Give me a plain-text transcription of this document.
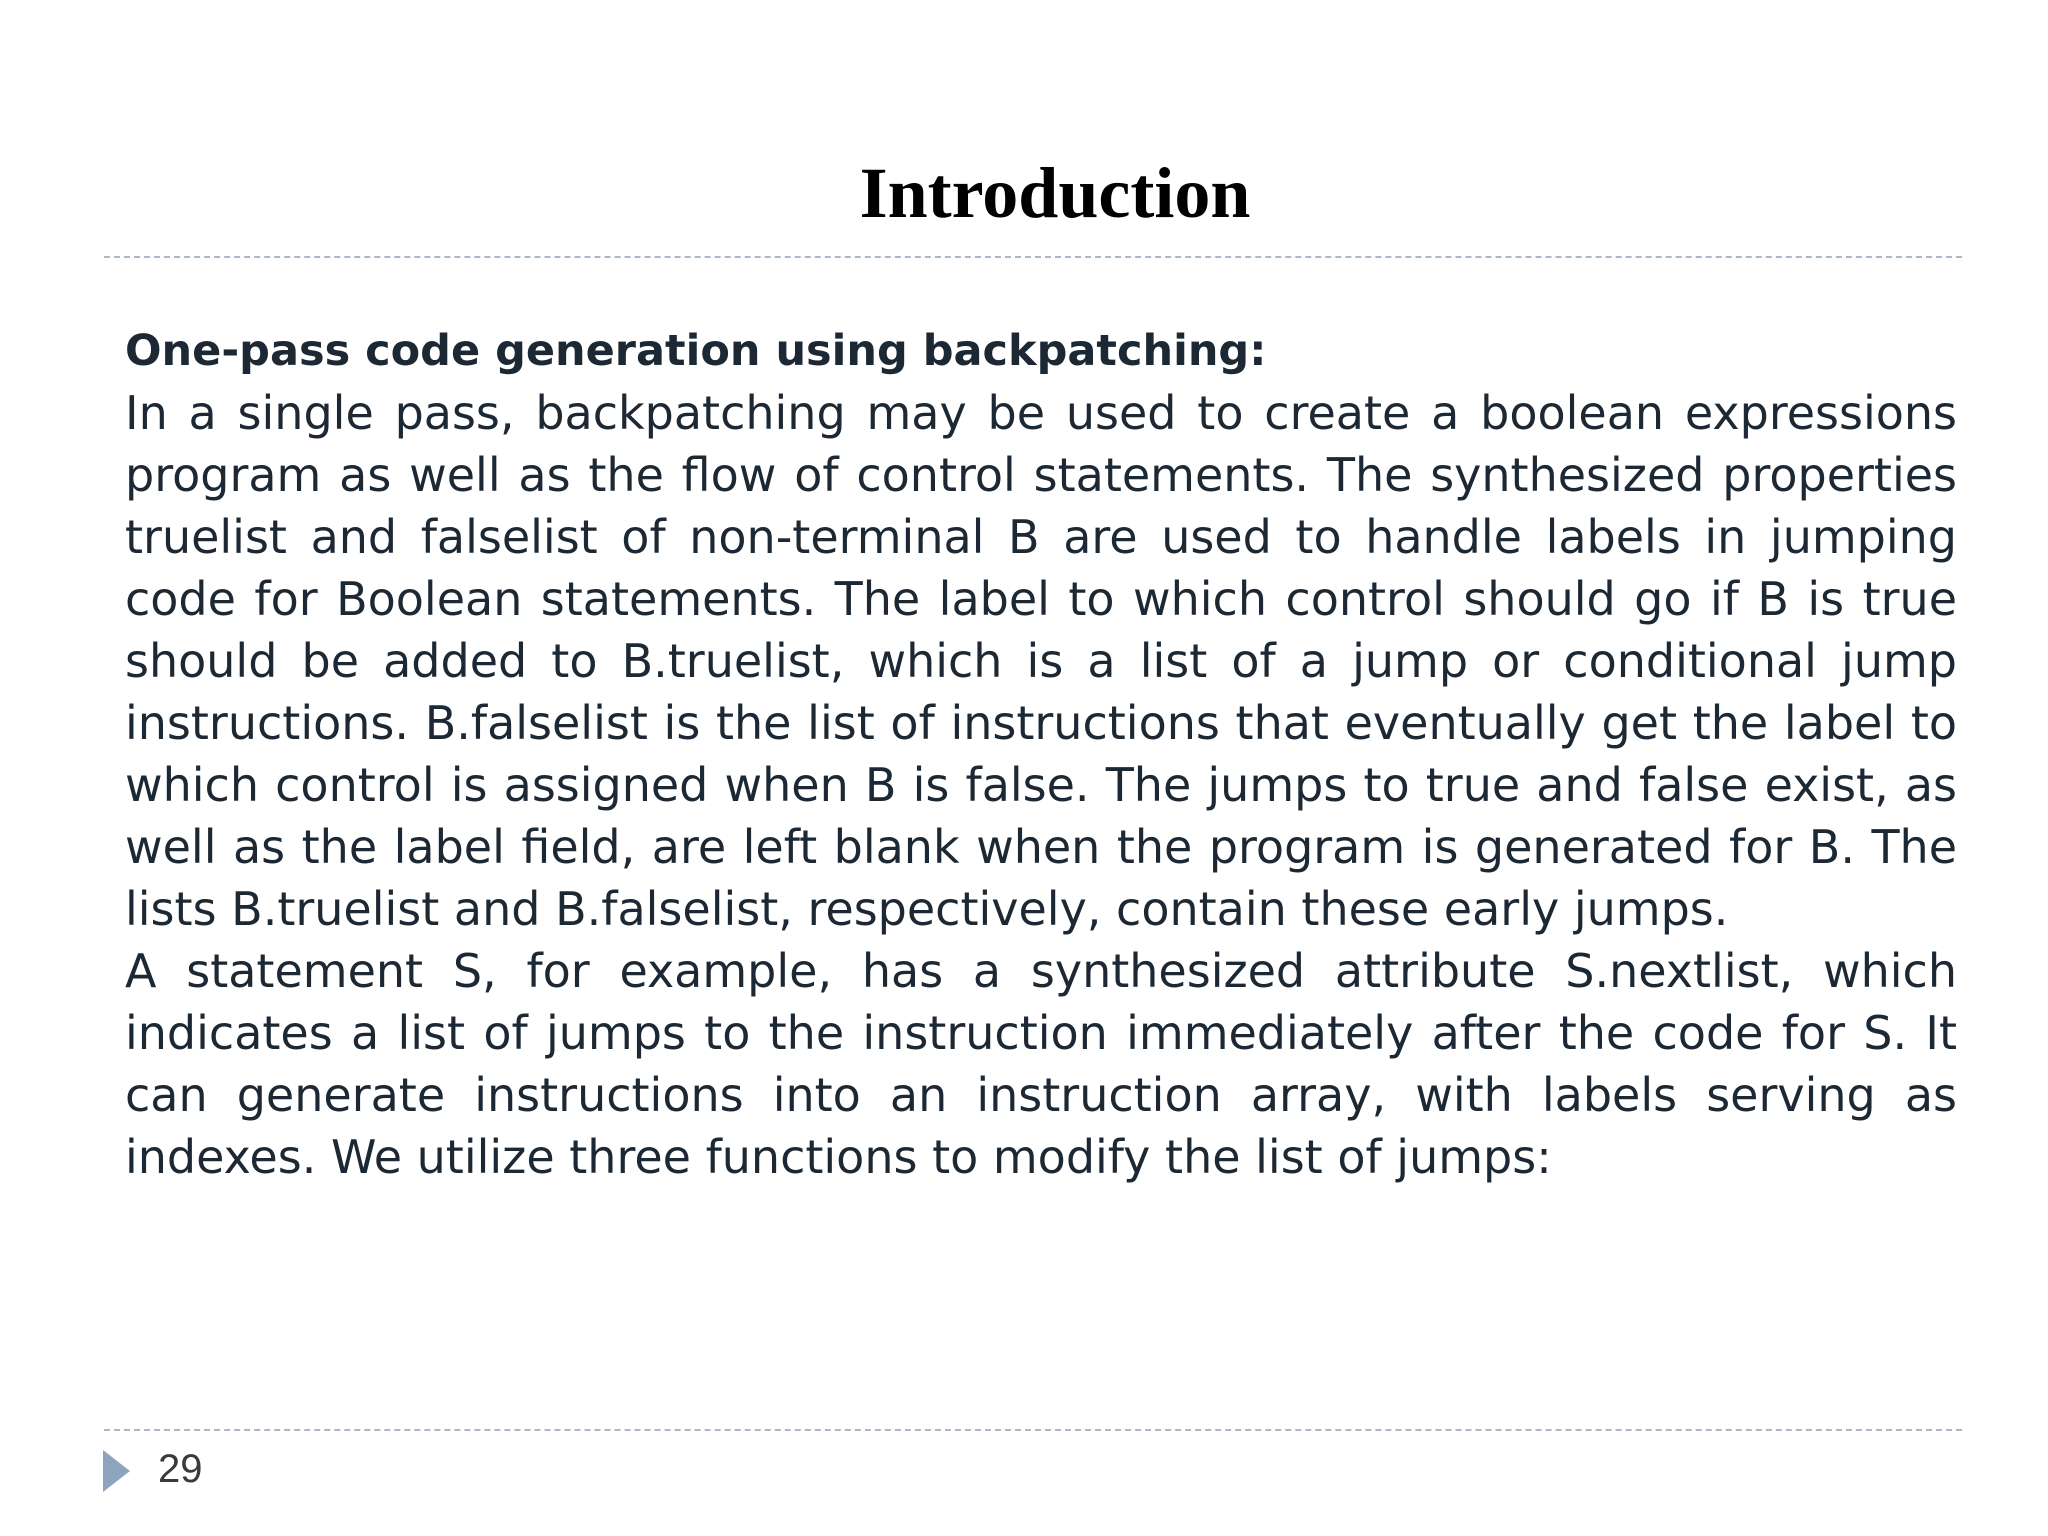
Introduction

One-pass code generation using backpatching:

In a single pass, backpatching may be used to create a boolean expressions program as well as the flow of control statements. The synthesized properties truelist and falselist of non-terminal B are used to handle labels in jumping code for Boolean statements. The label to which control should go if B is true should be added to B.truelist, which is a list of a jump or conditional jump instructions. B.falselist is the list of instructions that eventually get the label to which control is assigned when B is false. The jumps to true and false exist, as well as the label field, are left blank when the program is generated for B. The lists B.truelist and B.falselist, respectively, contain these early jumps.

A statement S, for example, has a synthesized attribute S.nextlist, which indicates a list of jumps to the instruction immediately after the code for S. It can generate instructions into an instruction array, with labels serving as indexes. We utilize three functions to modify the list of jumps:

29
